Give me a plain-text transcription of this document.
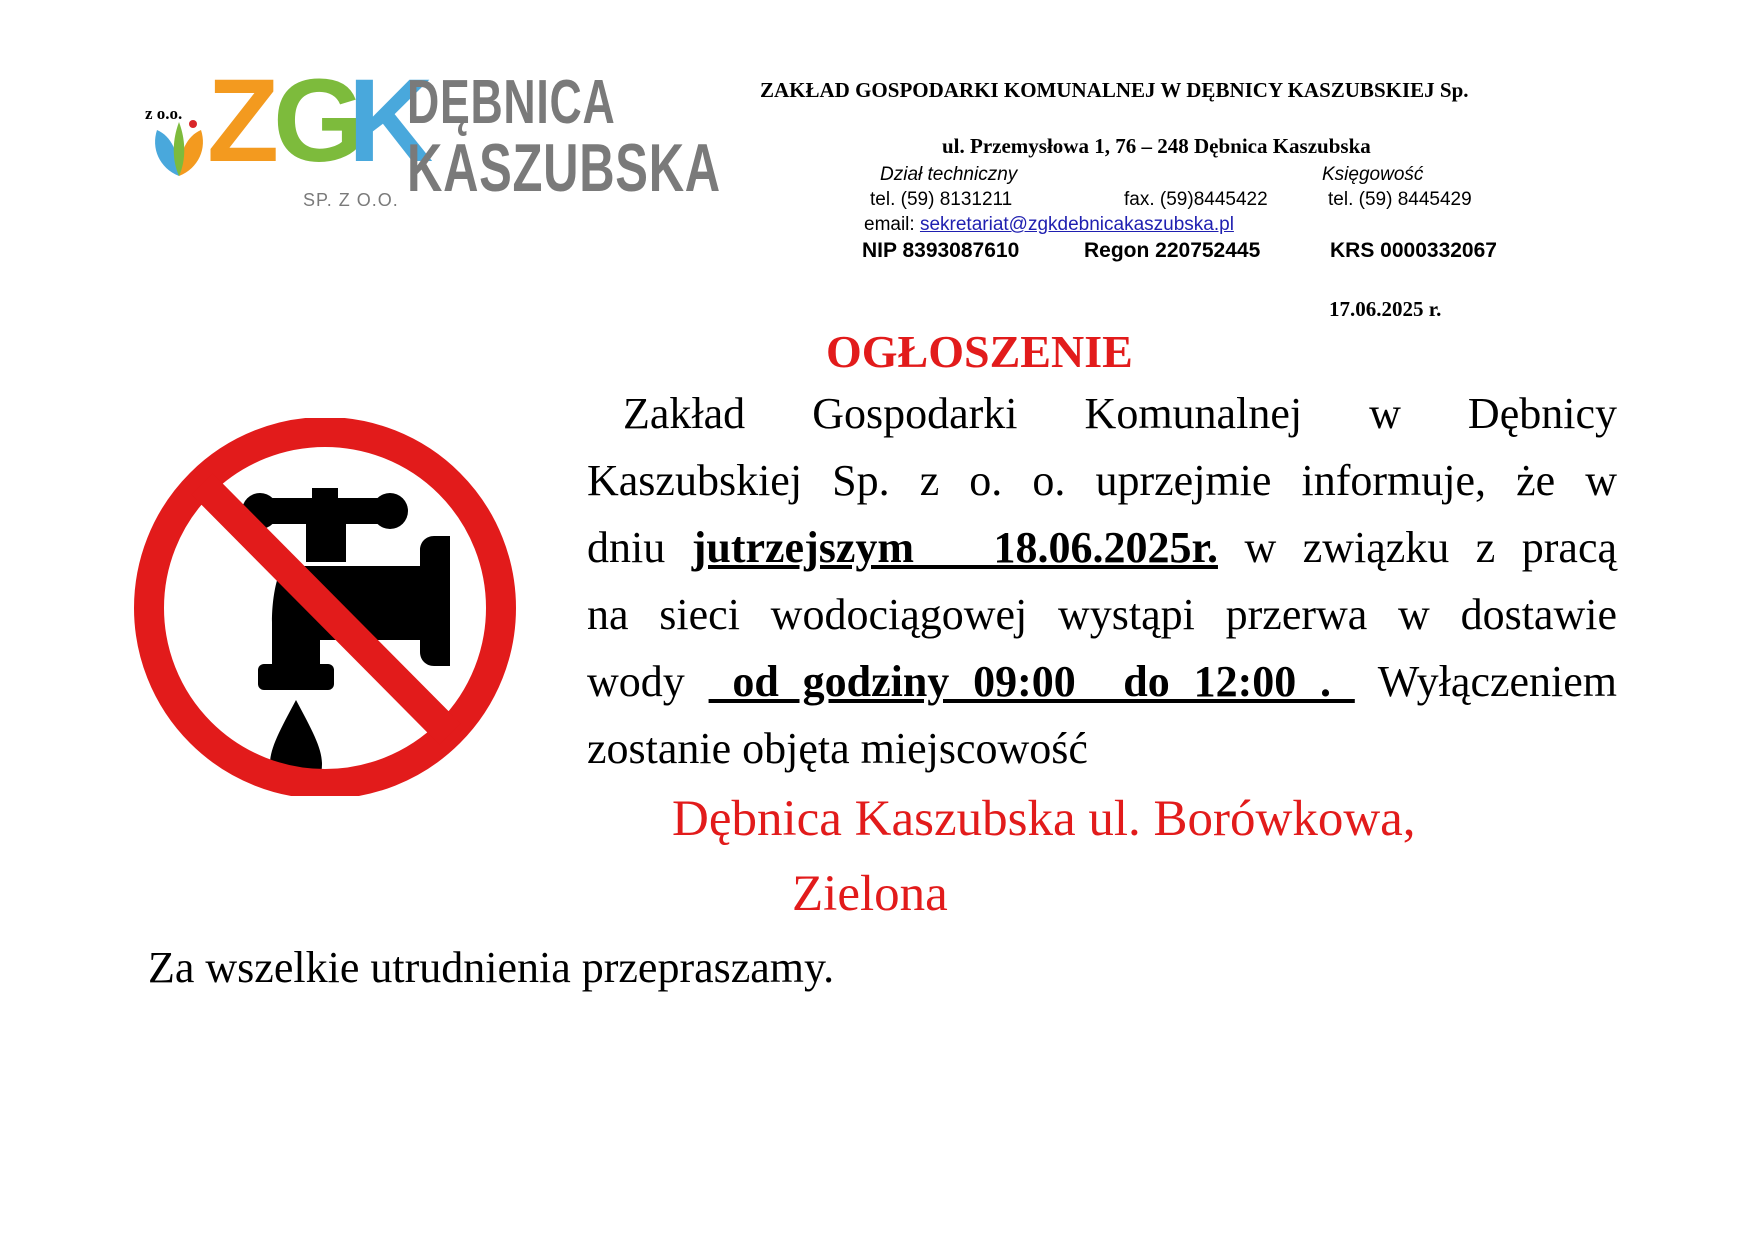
z o.o. Z
G
K
DĘBNICA
KASZUBSKA
SP. Z O.O.
ZAKŁAD GOSPODARKI KOMUNALNEJ W DĘBNICY KASZUBSKIEJ Sp.
ul. Przemysłowa 1, 76 – 248 Dębnica Kaszubska
Dział techniczny	Księgowość
tel. (59) 8131211	fax. (59)8445422	tel. (59) 8445429
email: sekretariat@zgkdebnicakaszubska.pl
NIP 8393087610	Regon 220752445	KRS 0000332067
17.06.2025 r.
OGŁOSZENIE
Zakład Gospodarki Komunalnej w Dębnicy
Kaszubskiej Sp. z o. o. uprzejmie informuje, że w
dniu jutrzejszym   18.06.2025r. w związku z pracą
na sieci wodociągowej wystąpi przerwa w dostawie
wody  od godziny 09:00  do 12:00 .  Wyłączeniem
zostanie objęta miejscowość
Dębnica Kaszubska ul. Borówkowa,
Zielona
Za wszelkie utrudnienia przepraszamy.
